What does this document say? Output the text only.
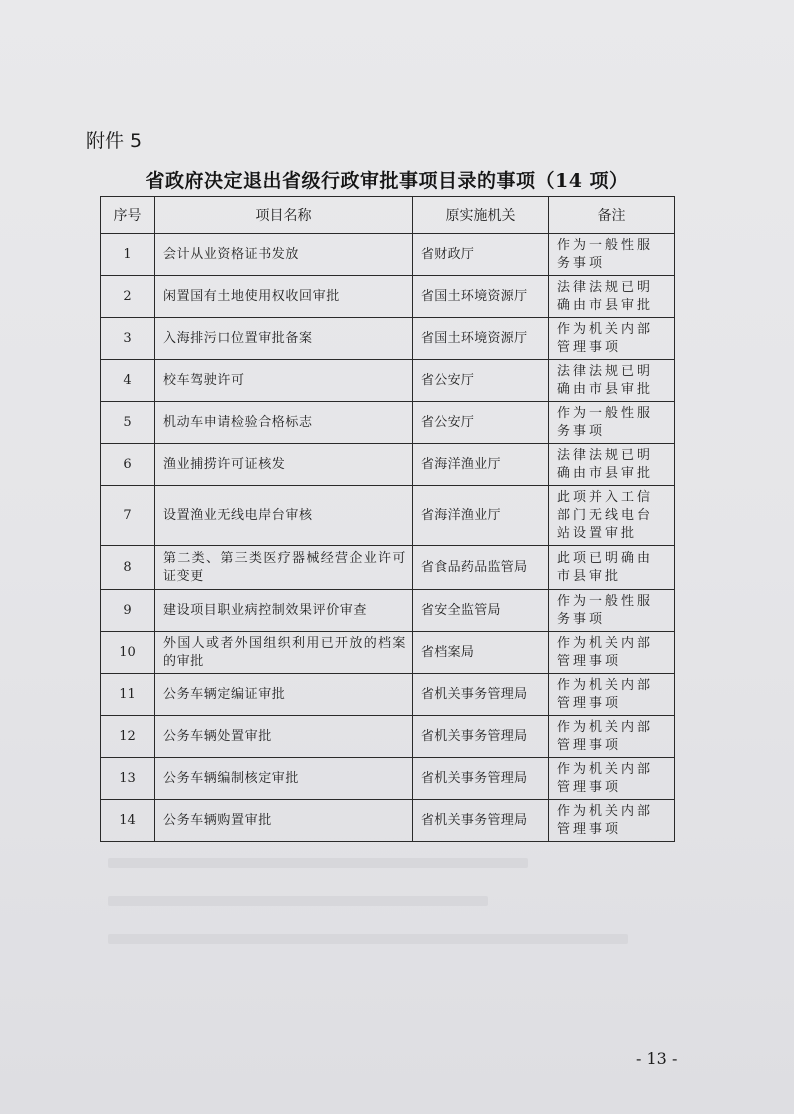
附件 5
省政府决定退出省级行政审批事项目录的事项（14 项）
序号	项目名称	原实施机关	备注
1	会计从业资格证书发放	省财政厅	作为一般性服务事项
2	闲置国有土地使用权收回审批	省国土环境资源厅	法律法规已明确由市县审批
3	入海排污口位置审批备案	省国土环境资源厅	作为机关内部管理事项
4	校车驾驶许可	省公安厅	法律法规已明确由市县审批
5	机动车申请检验合格标志	省公安厅	作为一般性服务事项
6	渔业捕捞许可证核发	省海洋渔业厅	法律法规已明确由市县审批
7	设置渔业无线电岸台审核	省海洋渔业厅	此项并入工信部门无线电台站设置审批
8	第二类、第三类医疗器械经营企业许可证变更	省食品药品监管局	此项已明确由市县审批
9	建设项目职业病控制效果评价审查	省安全监管局	作为一般性服务事项
10	外国人或者外国组织利用已开放的档案的审批	省档案局	作为机关内部管理事项
11	公务车辆定编证审批	省机关事务管理局	作为机关内部管理事项
12	公务车辆处置审批	省机关事务管理局	作为机关内部管理事项
13	公务车辆编制核定审批	省机关事务管理局	作为机关内部管理事项
14	公务车辆购置审批	省机关事务管理局	作为机关内部管理事项
- 13 -
